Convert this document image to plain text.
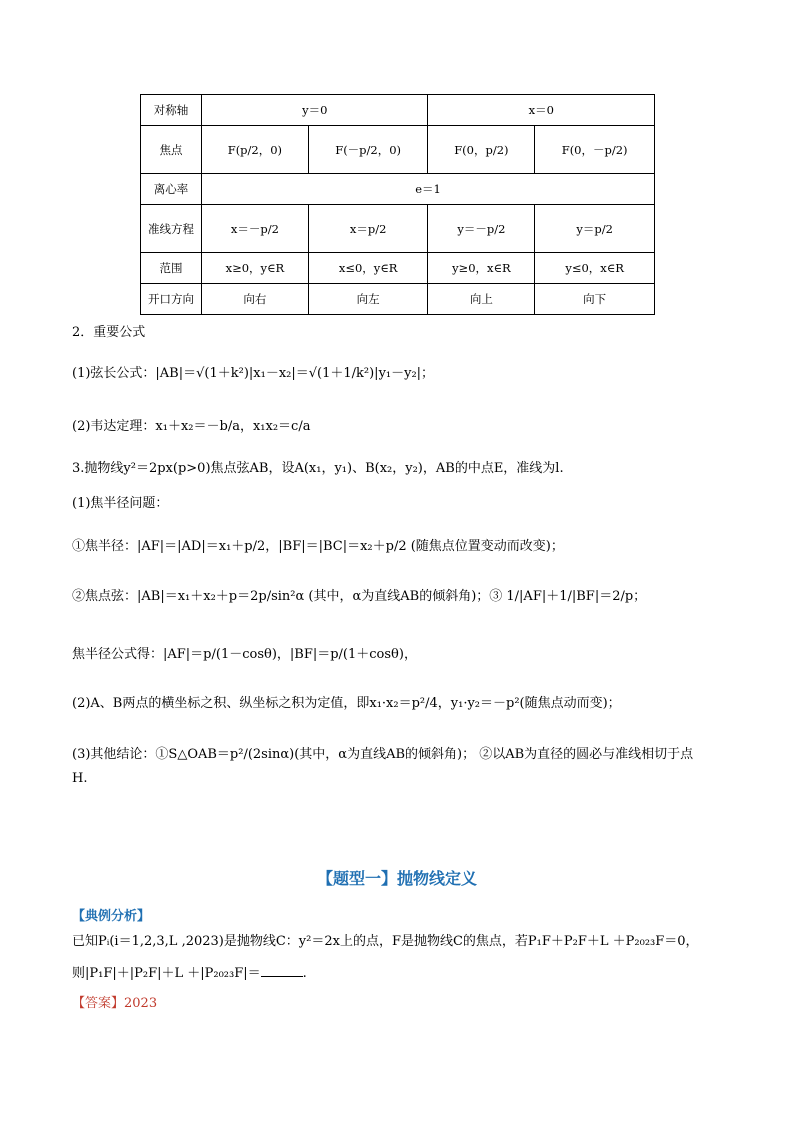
对称轴	y＝0		x＝0	
焦点	F(p/2，0)	F(－p/2，0)	F(0，p/2)	F(0，－p/2)
离心率	e＝1			
准线方程	x＝－p/2	x＝p/2	y＝－p/2	y＝p/2
范围	x≥0，y∈R	x≤0，y∈R	y≥0，x∈R	y≤0，x∈R
开口方向	向右	向左	向上	向下
2．重要公式
(1)弦长公式：|AB|＝√(1＋k²)|x₁－x₂|＝√(1＋1/k²)|y₁－y₂|；
(2)韦达定理：x₁＋x₂＝－b/a，x₁x₂＝c/a
3.抛物线y²＝2px(p>0)焦点弦AB，设A(x₁，y₁)、B(x₂，y₂)，AB的中点E，准线为l.
(1)焦半径问题：
①焦半径：|AF|＝|AD|＝x₁＋p/2，|BF|＝|BC|＝x₂＋p/2 (随焦点位置变动而改变)；
②焦点弦：|AB|＝x₁＋x₂＋p＝2p/sin²α (其中，α为直线AB的倾斜角)；③ 1/|AF|＋1/|BF|＝2/p；
焦半径公式得：|AF|＝p/(1－cosθ)，|BF|＝p/(1＋cosθ)，
(2)A、B两点的横坐标之积、纵坐标之积为定值，即x₁·x₂＝p²/4，y₁·y₂＝－p²(随焦点动而变)；
(3)其他结论：①S△OAB＝p²/(2sinα)(其中，α为直线AB的倾斜角)； ②以AB为直径的圆必与准线相切于点
H.
【题型一】抛物线定义
【典例分析】
已知Pᵢ(i＝1,2,3,L ,2023)是抛物线C：y²＝2x上的点，F是抛物线C的焦点，若P₁F＋P₂F＋L ＋P₂₀₂₃F＝0，
则|P₁F|＋|P₂F|＋L ＋|P₂₀₂₃F|＝	.
【答案】2023
